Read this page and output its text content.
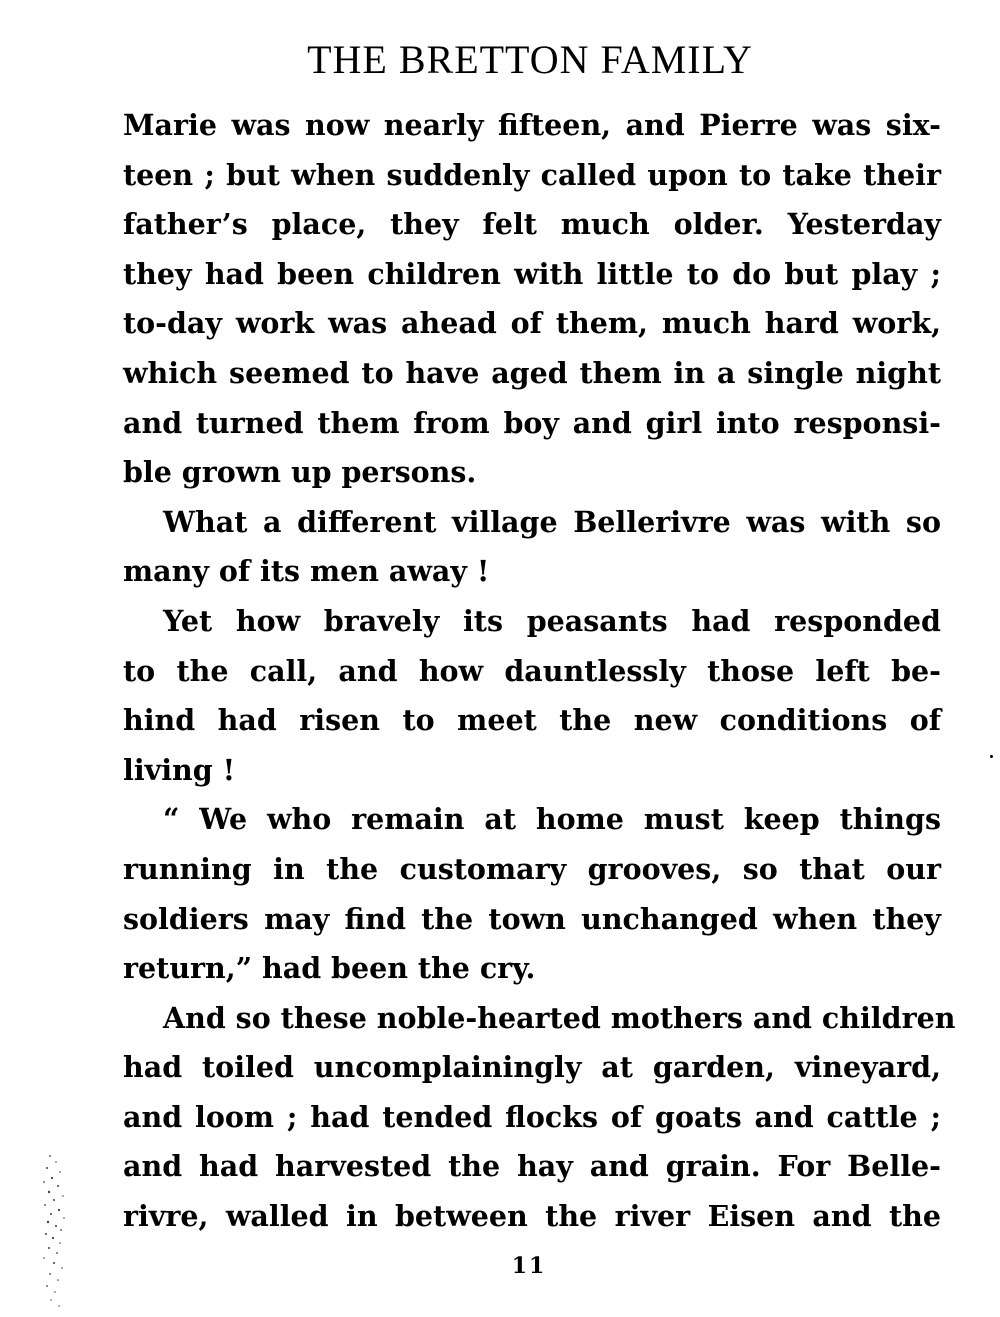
THE BRETTON FAMILY
Marie was now nearly fifteen, and Pierre was six-
teen ; but when suddenly called upon to take their
father’s place, they felt much older. Yesterday
they had been children with little to do but play ;
to-day work was ahead of them, much hard work,
which seemed to have aged them in a single night
and turned them from boy and girl into responsi-
ble grown up persons.
What a different village Bellerivre was with so
many of its men away !
Yet how bravely its peasants had responded
to the call, and how dauntlessly those left be-
hind had risen to meet the new conditions of
living !
“ We who remain at home must keep things
running in the customary grooves, so that our
soldiers may find the town unchanged when they
return,” had been the cry.
And so these noble-hearted mothers and children
had toiled uncomplainingly at garden, vineyard,
and loom ; had tended flocks of goats and cattle ;
and had harvested the hay and grain. For Belle-
rivre, walled in between the river Eisen and the
11
